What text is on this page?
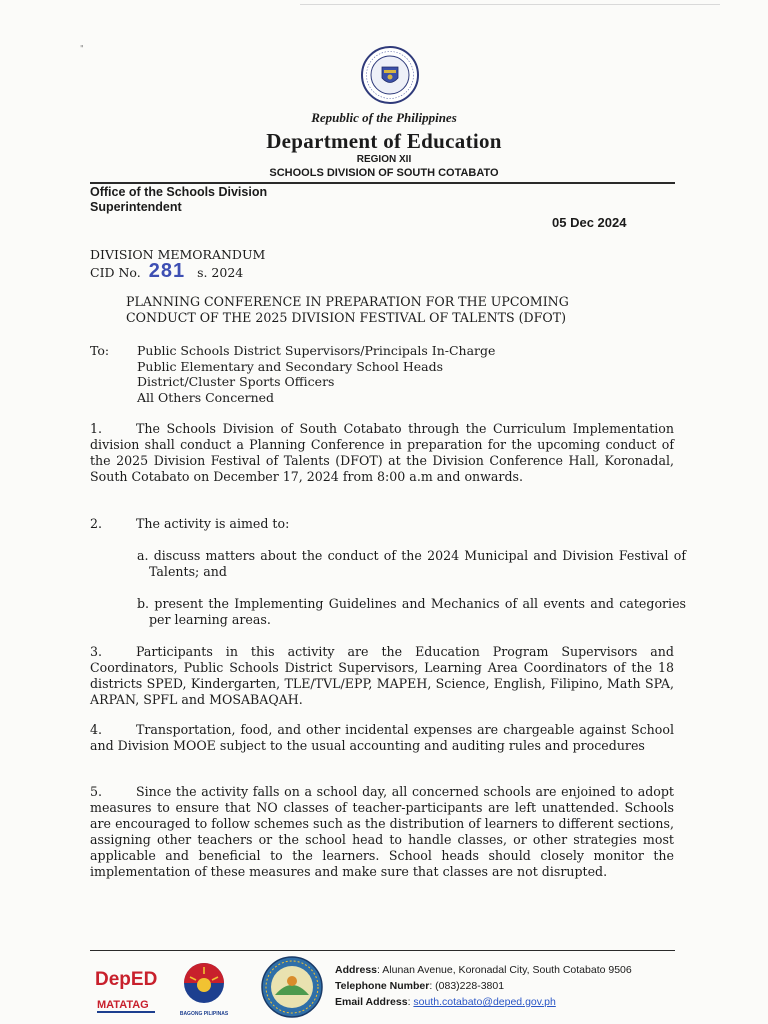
"
Republic of the Philippines
Department of Education
REGION XII
SCHOOLS DIVISION OF SOUTH COTABATO
Office of the Schools Division
Superintendent
05 Dec 2024
DIVISION MEMORANDUM
CID No. 281 s. 2024
PLANNING CONFERENCE IN PREPARATION FOR THE UPCOMING
CONDUCT OF THE 2025 DIVISION FESTIVAL OF TALENTS (DFOT)
To: Public Schools District Supervisors/Principals In-Charge
Public Elementary and Secondary School Heads
District/Cluster Sports Officers
All Others Concerned
1.	The Schools Division of South Cotabato through the Curriculum Implementation division shall conduct a Planning Conference in preparation for the upcoming conduct of the 2025 Division Festival of Talents (DFOT) at the Division Conference Hall, Koronadal, South Cotabato on December 17, 2024 from 8:00 a.m and onwards.
2.	The activity is aimed to:
a. discuss matters about the conduct of the 2024 Municipal and Division Festival of Talents; and
b. present the Implementing Guidelines and Mechanics of all events and categories per learning areas.
3.	Participants in this activity are the Education Program Supervisors and Coordinators, Public Schools District Supervisors, Learning Area Coordinators of the 18 districts SPED, Kindergarten, TLE/TVL/EPP, MAPEH, Science, English, Filipino, Math SPA, ARPAN, SPFL and MOSABAQAH.
4.	Transportation, food, and other incidental expenses are chargeable against School and Division MOOE subject to the usual accounting and auditing rules and procedures
5.	Since the activity falls on a school day, all concerned schools are enjoined to adopt measures to ensure that NO classes of teacher-participants are left unattended. Schools are encouraged to follow schemes such as the distribution of learners to different sections, assigning other teachers or the school head to handle classes, or other strategies most applicable and beneficial to the learners. School heads should closely monitor the implementation of these measures and make sure that classes are not disrupted.
DepED
MATATAG
BAGONG PILIPINAS
Address: Alunan Avenue, Koronadal City, South Cotabato 9506
Telephone Number: (083)228-3801
Email Address: south.cotabato@deped.gov.ph
